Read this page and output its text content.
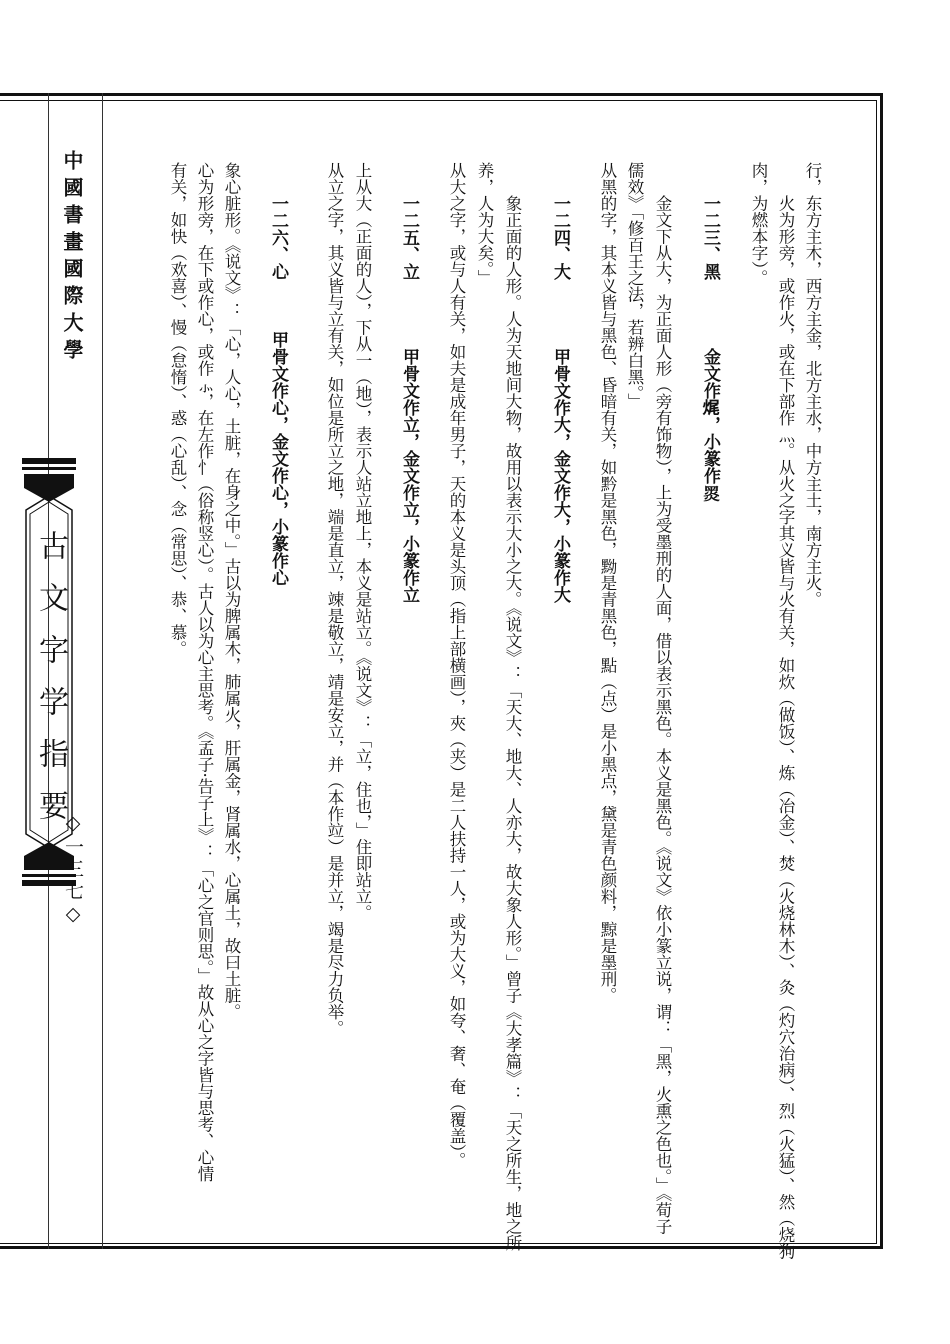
中國書畫國際大學
古文字学指要
◇一三七◇
行，东方主木，西方主金，北方主水，中方主土，南方主火。
火为形旁，或作火，或在下部作灬。从火之字其义皆与火有关，如炊（做饭）、炼（冶金）、焚（火烧林木）、灸（灼穴治病）、烈（火猛）、然（烧狗
肉，为燃本字）。
一二三、黑　　　　金文作𤈦，小篆作𪐗
金文下从大，为正面人形（旁有饰物），上为受墨刑的人面，借以表示黑色。本义是黑色。《说文》依小篆立说，谓：「黑，火熏之色也。」《荀子
儒效》「修百王之法，若辨白黑。」
从黑的字，其本义皆与黑色、昏暗有关，如黔是黑色，黝是青黑色，點（点）是小黑点，黛是青色颜料，黥是墨刑。
一二四、大　　　　甲骨文作大，金文作大，小篆作大
象正面的人形。人为天地间大物，故用以表示大小之大。《说文》：「天大、地大、人亦大，故大象人形。」曾子《大孝篇》：「天之所生，地之所
养，人为大矣。」
从大之字，或与人有关，如夫是成年男子，天的本义是头顶（指上部横画），夾（夹）是二人扶持一人，或为大义，如夸、奢、奄（覆盖）。
一二五、立　　　　甲骨文作立，金文作立，小篆作立
上从大（正面的人），下从一（地），表示人站立地上，本义是站立。《说文》：「立，住也，」住即站立。
从立之字，其义皆与立有关，如位是所立之地，端是直立，竦是敬立，靖是安立，并（本作竝）是并立，竭是尽力负举。
一二六、心　　　甲骨文作心，金文作心，小篆作心
象心脏形。《说文》：「心，人心，土脏，在身之中。」古以为脾属木，肺属火，肝属金，肾属水，心属土，故曰土脏。
心为形旁，在下或作心，或作⺗，在左作忄（俗称竖心）。古人以为心主思考。《孟子·告子上》：「心之官则思。」故从心之字皆与思考、心情
有关，如快（欢喜）、慢（怠惰）、惑（心乱）、念（常思）、恭、慕。
